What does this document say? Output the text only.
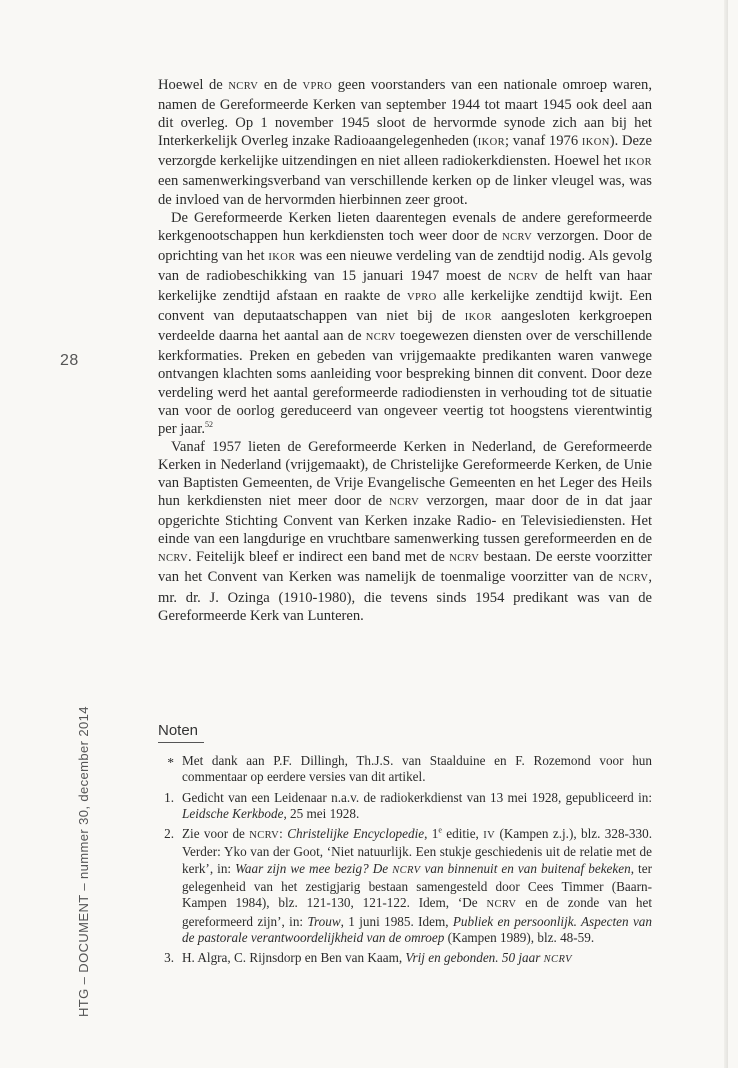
28
HTG – DOCUMENT – nummer 30, december 2014

Hoewel de NCRV en de VPRO geen voorstanders van een nationale omroep waren, namen de Gereformeerde Kerken van september 1944 tot maart 1945 ook deel aan dit overleg. Op 1 november 1945 sloot de hervormde synode zich aan bij het Interkerkelijk Overleg inzake Radioaangelegenheden (IKOR; vanaf 1976 IKON). Deze verzorgde kerkelijke uitzendingen en niet alleen radiokerkdiensten. Hoewel het IKOR een samenwerkingsverband van verschillende kerken op de linker vleugel was, was de invloed van de hervormden hierbinnen zeer groot.

De Gereformeerde Kerken lieten daarentegen evenals de andere gereformeerde kerkgenootschappen hun kerkdiensten toch weer door de NCRV verzorgen. Door de oprichting van het IKOR was een nieuwe verdeling van de zendtijd nodig. Als gevolg van de radiobeschikking van 15 januari 1947 moest de NCRV de helft van haar kerkelijke zendtijd afstaan en raakte de VPRO alle kerkelijke zendtijd kwijt. Een convent van deputaatschappen van niet bij de IKOR aangesloten kerkgroepen verdeelde daarna het aantal aan de NCRV toegewezen diensten over de verschillende kerkformaties. Preken en gebeden van vrijgemaakte predikanten waren vanwege ontvangen klachten soms aanleiding voor bespreking binnen dit convent. Door deze verdeling werd het aantal gereformeerde radiodiensten in verhouding tot de situatie van voor de oorlog gereduceerd van ongeveer veertig tot hoogstens vierentwintig per jaar.$^{52}$

Vanaf 1957 lieten de Gereformeerde Kerken in Nederland, de Gereformeerde Kerken in Nederland (vrijgemaakt), de Christelijke Gereformeerde Kerken, de Unie van Baptisten Gemeenten, de Vrije Evangelische Gemeenten en het Leger des Heils hun kerkdiensten niet meer door de NCRV verzorgen, maar door de in dat jaar opgerichte Stichting Convent van Kerken inzake Radio- en Televisiediensten. Het einde van een langdurige en vruchtbare samenwerking tussen gereformeerden en de NCRV. Feitelijk bleef er indirect een band met de NCRV bestaan. De eerste voorzitter van het Convent van Kerken was namelijk de toenmalige voorzitter van de NCRV, mr. dr. J. Ozinga (1910-1980), die tevens sinds 1954 predikant was van de Gereformeerde Kerk van Lunteren.

Noten
* Met dank aan P.F. Dillingh, Th.J.S. van Staalduine en F. Rozemond voor hun commentaar op eerdere versies van dit artikel.
1. Gedicht van een Leidenaar n.a.v. de radiokerkdienst van 13 mei 1928, gepubliceerd in: Leidsche Kerkbode, 25 mei 1928.
2. Zie voor de NCRV: Christelijke Encyclopedie, 1e editie, IV (Kampen z.j.), blz. 328-330. Verder: Yko van der Goot, ‘Niet natuurlijk. Een stukje geschiedenis uit de relatie met de kerk’, in: Waar zijn we mee bezig? De NCRV van binnenuit en van buitenaf bekeken, ter gelegenheid van het zestigjarig bestaan samengesteld door Cees Timmer (Baarn-Kampen 1984), blz. 121-130, 121-122. Idem, ‘De NCRV en de zonde van het gereformeerd zijn’, in: Trouw, 1 juni 1985. Idem, Publiek en persoonlijk. Aspecten van de pastorale verantwoordelijkheid van de omroep (Kampen 1989), blz. 48-59.
3. H. Algra, C. Rijnsdorp en Ben van Kaam, Vrij en gebonden. 50 jaar NCRV
